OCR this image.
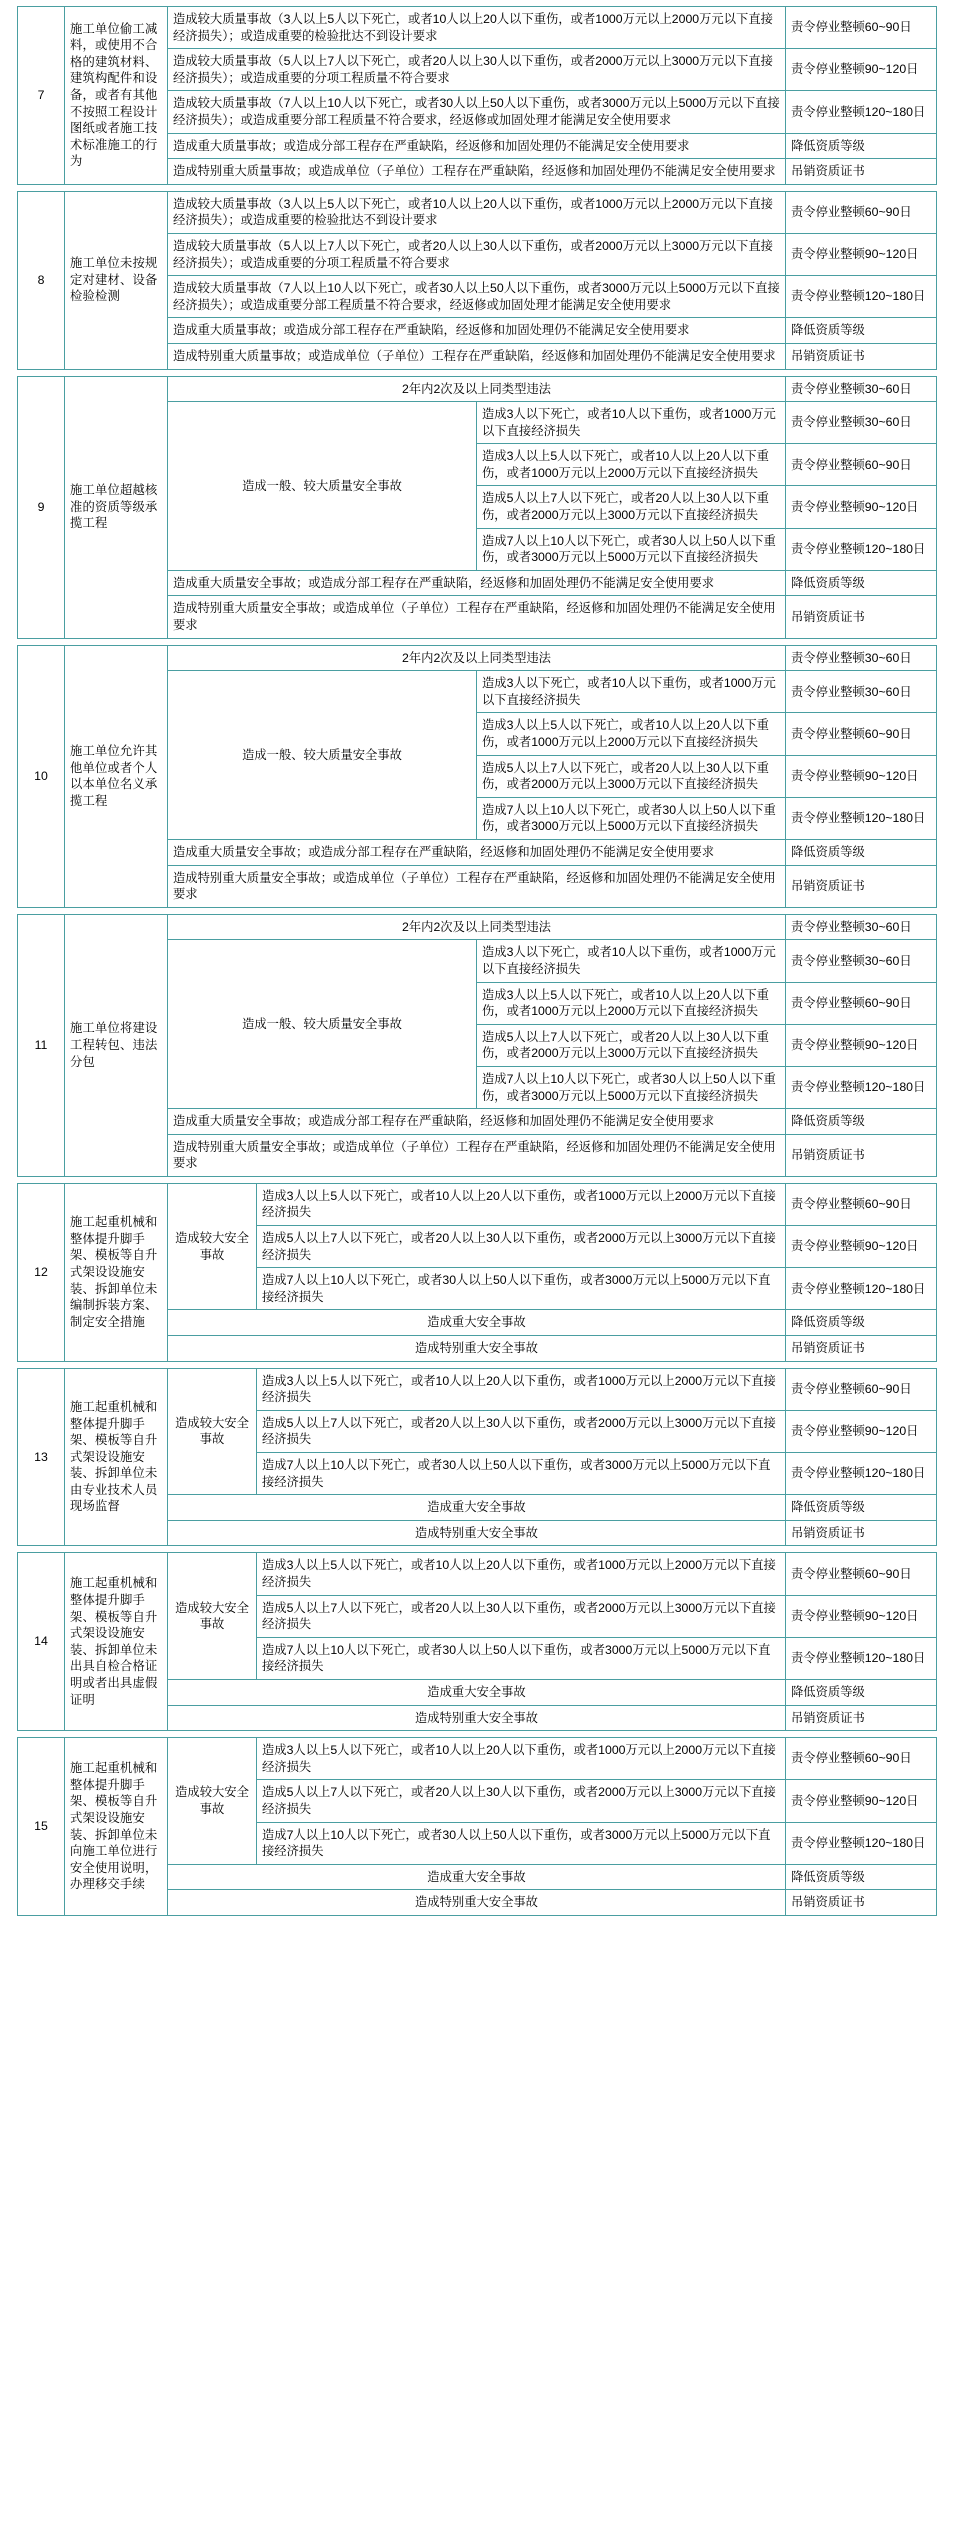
7	施工单位偷工减料，或使用不合格的建筑材料、建筑构配件和设备，或者有其他不按照工程设计图纸或者施工技术标准施工的行为	造成较大质量事故（3人以上5人以下死亡，或者10人以上20人以下重伤，或者1000万元以上2000万元以下直接经济损失）；或造成重要的检验批达不到设计要求	责令停业整顿60~90日
		造成较大质量事故（5人以上7人以下死亡，或者20人以上30人以下重伤，或者2000万元以上3000万元以下直接经济损失）；或造成重要的分项工程质量不符合要求	责令停业整顿90~120日
		造成较大质量事故（7人以上10人以下死亡，或者30人以上50人以下重伤，或者3000万元以上5000万元以下直接经济损失）；或造成重要分部工程质量不符合要求，经返修或加固处理才能满足安全使用要求	责令停业整顿120~180日
		造成重大质量事故；或造成分部工程存在严重缺陷，经返修和加固处理仍不能满足安全使用要求	降低资质等级
		造成特别重大质量事故；或造成单位（子单位）工程存在严重缺陷，经返修和加固处理仍不能满足安全使用要求	吊销资质证书
8	施工单位未按规定对建材、设备检验检测	造成较大质量事故（3人以上5人以下死亡，或者10人以上20人以下重伤，或者1000万元以上2000万元以下直接经济损失）；或造成重要的检验批达不到设计要求	责令停业整顿60~90日
		造成较大质量事故（5人以上7人以下死亡，或者20人以上30人以下重伤，或者2000万元以上3000万元以下直接经济损失）；或造成重要的分项工程质量不符合要求	责令停业整顿90~120日
		造成较大质量事故（7人以上10人以下死亡，或者30人以上50人以下重伤，或者3000万元以上5000万元以下直接经济损失）；或造成重要分部工程质量不符合要求，经返修或加固处理才能满足安全使用要求	责令停业整顿120~180日
		造成重大质量事故；或造成分部工程存在严重缺陷，经返修和加固处理仍不能满足安全使用要求	降低资质等级
		造成特别重大质量事故；或造成单位（子单位）工程存在严重缺陷，经返修和加固处理仍不能满足安全使用要求	吊销资质证书
9	施工单位超越核准的资质等级承揽工程	2年内2次及以上同类型违法		责令停业整顿30~60日
		造成一般、较大质量安全事故	造成3人以下死亡，或者10人以下重伤，或者1000万元以下直接经济损失	责令停业整顿30~60日
			造成3人以上5人以下死亡，或者10人以上20人以下重伤，或者1000万元以上2000万元以下直接经济损失	责令停业整顿60~90日
			造成5人以上7人以下死亡，或者20人以上30人以下重伤，或者2000万元以上3000万元以下直接经济损失	责令停业整顿90~120日
			造成7人以上10人以下死亡，或者30人以上50人以下重伤，或者3000万元以上5000万元以下直接经济损失	责令停业整顿120~180日
		造成重大质量安全事故；或造成分部工程存在严重缺陷，经返修和加固处理仍不能满足安全使用要求		降低资质等级
		造成特别重大质量安全事故；或造成单位（子单位）工程存在严重缺陷，经返修和加固处理仍不能满足安全使用要求		吊销资质证书
10	施工单位允许其他单位或者个人以本单位名义承揽工程	2年内2次及以上同类型违法		责令停业整顿30~60日
		造成一般、较大质量安全事故	造成3人以下死亡，或者10人以下重伤，或者1000万元以下直接经济损失	责令停业整顿30~60日
			造成3人以上5人以下死亡，或者10人以上20人以下重伤，或者1000万元以上2000万元以下直接经济损失	责令停业整顿60~90日
			造成5人以上7人以下死亡，或者20人以上30人以下重伤，或者2000万元以上3000万元以下直接经济损失	责令停业整顿90~120日
			造成7人以上10人以下死亡，或者30人以上50人以下重伤，或者3000万元以上5000万元以下直接经济损失	责令停业整顿120~180日
		造成重大质量安全事故；或造成分部工程存在严重缺陷，经返修和加固处理仍不能满足安全使用要求		降低资质等级
		造成特别重大质量安全事故；或造成单位（子单位）工程存在严重缺陷，经返修和加固处理仍不能满足安全使用要求		吊销资质证书
11	施工单位将建设工程转包、违法分包	2年内2次及以上同类型违法		责令停业整顿30~60日
		造成一般、较大质量安全事故	造成3人以下死亡，或者10人以下重伤，或者1000万元以下直接经济损失	责令停业整顿30~60日
			造成3人以上5人以下死亡，或者10人以上20人以下重伤，或者1000万元以上2000万元以下直接经济损失	责令停业整顿60~90日
			造成5人以上7人以下死亡，或者20人以上30人以下重伤，或者2000万元以上3000万元以下直接经济损失	责令停业整顿90~120日
			造成7人以上10人以下死亡，或者30人以上50人以下重伤，或者3000万元以上5000万元以下直接经济损失	责令停业整顿120~180日
		造成重大质量安全事故；或造成分部工程存在严重缺陷，经返修和加固处理仍不能满足安全使用要求		降低资质等级
		造成特别重大质量安全事故；或造成单位（子单位）工程存在严重缺陷，经返修和加固处理仍不能满足安全使用要求		吊销资质证书
12	施工起重机械和整体提升脚手架、模板等自升式架设设施安装、拆卸单位未编制拆装方案、制定安全措施	造成较大安全事故	造成3人以上5人以下死亡，或者10人以上20人以下重伤，或者1000万元以上2000万元以下直接经济损失	责令停业整顿60~90日
			造成5人以上7人以下死亡，或者20人以上30人以下重伤，或者2000万元以上3000万元以下直接经济损失	责令停业整顿90~120日
			造成7人以上10人以下死亡，或者30人以上50人以下重伤，或者3000万元以上5000万元以下直接经济损失	责令停业整顿120~180日
		造成重大安全事故		降低资质等级
		造成特别重大安全事故		吊销资质证书
13	施工起重机械和整体提升脚手架、模板等自升式架设设施安装、拆卸单位未由专业技术人员现场监督	造成较大安全事故	造成3人以上5人以下死亡，或者10人以上20人以下重伤，或者1000万元以上2000万元以下直接经济损失	责令停业整顿60~90日
			造成5人以上7人以下死亡，或者20人以上30人以下重伤，或者2000万元以上3000万元以下直接经济损失	责令停业整顿90~120日
			造成7人以上10人以下死亡，或者30人以上50人以下重伤，或者3000万元以上5000万元以下直接经济损失	责令停业整顿120~180日
		造成重大安全事故		降低资质等级
		造成特别重大安全事故		吊销资质证书
14	施工起重机械和整体提升脚手架、模板等自升式架设设施安装、拆卸单位未出具自检合格证明或者出具虚假证明	造成较大安全事故	造成3人以上5人以下死亡，或者10人以上20人以下重伤，或者1000万元以上2000万元以下直接经济损失	责令停业整顿60~90日
			造成5人以上7人以下死亡，或者20人以上30人以下重伤，或者2000万元以上3000万元以下直接经济损失	责令停业整顿90~120日
			造成7人以上10人以下死亡，或者30人以上50人以下重伤，或者3000万元以上5000万元以下直接经济损失	责令停业整顿120~180日
		造成重大安全事故		降低资质等级
		造成特别重大安全事故		吊销资质证书
15	施工起重机械和整体提升脚手架、模板等自升式架设设施安装、拆卸单位未向施工单位进行安全使用说明，办理移交手续	造成较大安全事故	造成3人以上5人以下死亡，或者10人以上20人以下重伤，或者1000万元以上2000万元以下直接经济损失	责令停业整顿60~90日
			造成5人以上7人以下死亡，或者20人以上30人以下重伤，或者2000万元以上3000万元以下直接经济损失	责令停业整顿90~120日
			造成7人以上10人以下死亡，或者30人以上50人以下重伤，或者3000万元以上5000万元以下直接经济损失	责令停业整顿120~180日
		造成重大安全事故		降低资质等级
		造成特别重大安全事故		吊销资质证书
